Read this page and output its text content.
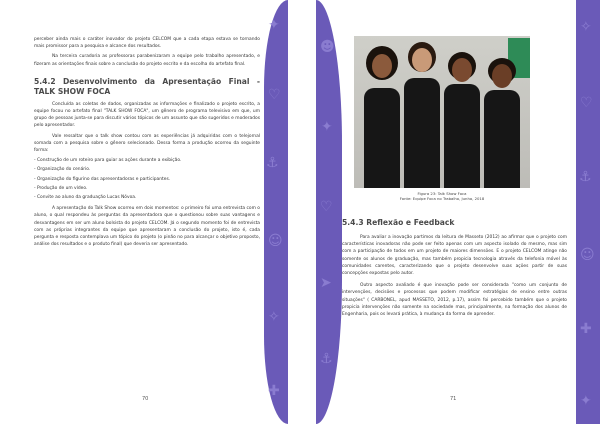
✦
♡
⚓
☺
✧
✚
☻
✦
♡
➤
⚓
✧
♡
⚓
☺
✚
✦

perceber ainda mais o caráter inovador do projeto CELCOM que a cada etapa estava se tornando mais promissor para a pesquisa e alcance dos resultados.

Na terceira curadoria as professoras parabenizaram a equipe pelo trabalho apresentado, e fizeram as orientações finais sobre a conclusão do projeto escrito e da escolha do artefato final.

5.4.2 Desenvolvimento da Apresentação Final - TALK SHOW FOCA

Concluída as coletas de dados, organizadas as informações e finalizado o projeto escrito, a equipe focou no artefato final "TALK SHOW FOCA", um gênero de programa televisivo em que, um grupo de pessoas junta-se para discutir vários tópicos de um assunto que são sugeridos e moderados pelo apresentador.

Vale ressaltar que o talk show contou com as experiências já adquiridas com o telejornal somada com a pesquisa sobre o gênero selecionado. Dessa forma a produção ocorreu da seguinte forma:

- Construção de um roteiro para guiar as ações durante a exibição.
- Organização do cenário.
- Organização do figurino das apresentadoras e participantes.
- Produção de um vídeo.
- Convite ao aluno da graduação Lucas Nóvoa.

A apresentação do Talk Show ocorreu em dois momentos: o primeiro foi uma entrevista com o aluno, o qual respondeu às perguntas da apresentadora que o questionou sobre suas vantagens e desvantagens em ser um aluno bolsista do projeto CELCOM. Já o segundo momento foi de entrevista com as próprias integrantes da equipe que apresentaram a conclusão do projeto, isto é, cada pergunta e resposta contemplava um tópico do projeto (o pinão no para alcançar o objetivo proposto, análise dos resultados e o produto final) que deveria ser apresentado.

70
Figura 23: Talk Show Foca
Fonte: Equipe Foca no Trabalho, Junho, 2018
5.4.3 Reflexão e Feedback

Para avaliar a inovação partimos da leitura de Masseto (2012) ao afirmar que o projeto com características inovadoras não pode ser feito apenas com um aspecto isolado do mesmo, mas sim com a participação de todos em um projeto de maiores dimensões. E o projeto CELCOM atinge não somente os alunos de graduação, mas também propicia tecnologia através da telefonia móvel às comunidades carentes, caracterizando que o projeto desenvolve suas ações partir de suas concepções expostas pelo autor.

Outro aspecto avaliado é que inovação pode ser considerada "como um conjunto de intervenções, decisões e processos que podem modificar estratégias de ensino entre outras situações" ( CARBONEL, apud MASSETO, 2012, p.17), assim foi percebido também que o projeto propicia intervenções não somente na sociedade mas, principalmente, na formação dos alunos de Engenharia, pois os levará prática, à mudança da forma de aprender.

71
